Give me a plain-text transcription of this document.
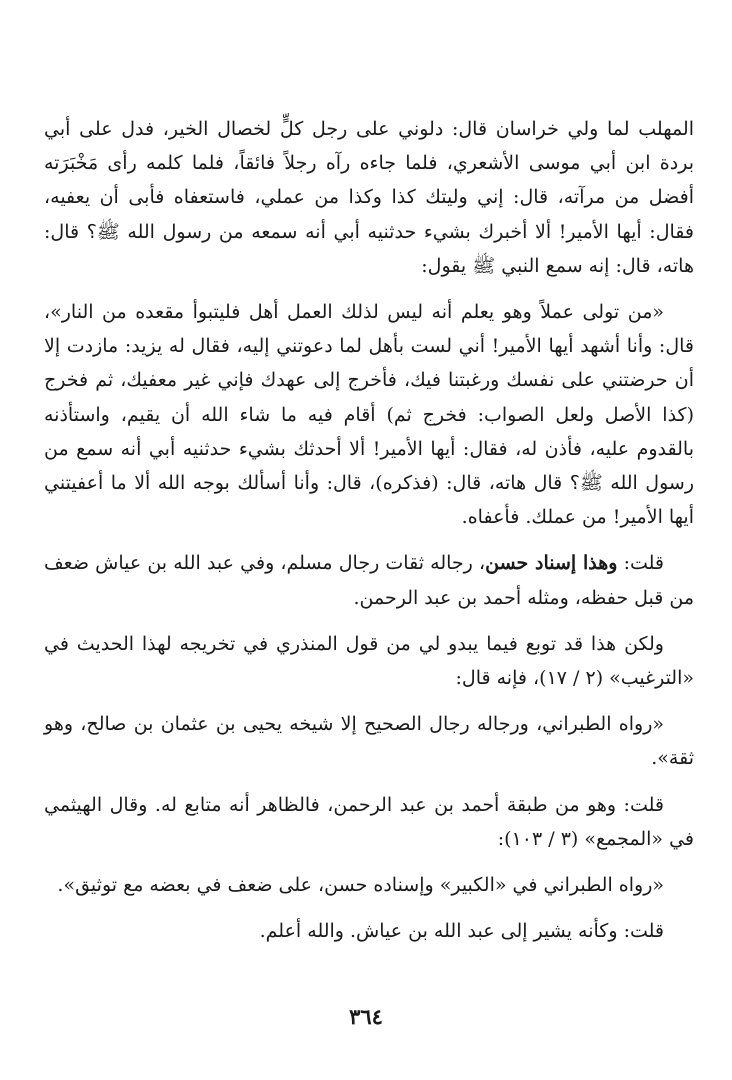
المهلب لما ولي خراسان قال: دلوني على رجل كلٍّ لخصال الخير، فدل على أبي بردة ابن أبي موسى الأشعري، فلما جاءه رآه رجلاً فائقاً، فلما كلمه رأى مَخْبَرَته أفضل من مرآته، قال: إني وليتك كذا وكذا من عملي، فاستعفاه فأبى أن يعفيه، فقال: أيها الأمير! ألا أخبرك بشيء حدثنيه أبي أنه سمعه من رسول الله ﷺ؟ قال: هاته، قال: إنه سمع النبي ﷺ يقول:

«من تولى عملاً وهو يعلم أنه ليس لذلك العمل أهل فليتبوأ مقعده من النار»، قال: وأنا أشهد أيها الأمير! أني لست بأهل لما دعوتني إليه، فقال له يزيد: مازدت إلا أن حرضتني على نفسك ورغبتنا فيك، فأخرج إلى عهدك فإني غير معفيك، ثم فخرج (كذا الأصل ولعل الصواب: فخرج ثم) أقام فيه ما شاء الله أن يقيم، واستأذنه بالقدوم عليه، فأذن له، فقال: أيها الأمير! ألا أحدثك بشيء حدثنيه أبي أنه سمع من رسول الله ﷺ؟ قال هاته، قال: (فذكره)، قال: وأنا أسألك بوجه الله ألا ما أعفيتني أيها الأمير! من عملك. فأعفاه.

قلت: وهذا إسناد حسن، رجاله ثقات رجال مسلم، وفي عبد الله بن عياش ضعف من قبل حفظه، ومثله أحمد بن عبد الرحمن.

ولكن هذا قد توبع فيما يبدو لي من قول المنذري في تخريجه لهذا الحديث في «الترغيب» (٢ / ١٧)، فإنه قال:

«رواه الطبراني، ورجاله رجال الصحيح إلا شيخه يحيى بن عثمان بن صالح، وهو ثقة».

قلت: وهو من طبقة أحمد بن عبد الرحمن، فالظاهر أنه متابع له. وقال الهيثمي في «المجمع» (٣ / ١٠٣):

«رواه الطبراني في «الكبير» وإسناده حسن، على ضعف في بعضه مع توثيق».

قلت: وكأنه يشير إلى عبد الله بن عياش. والله أعلم.

٣٦٤
